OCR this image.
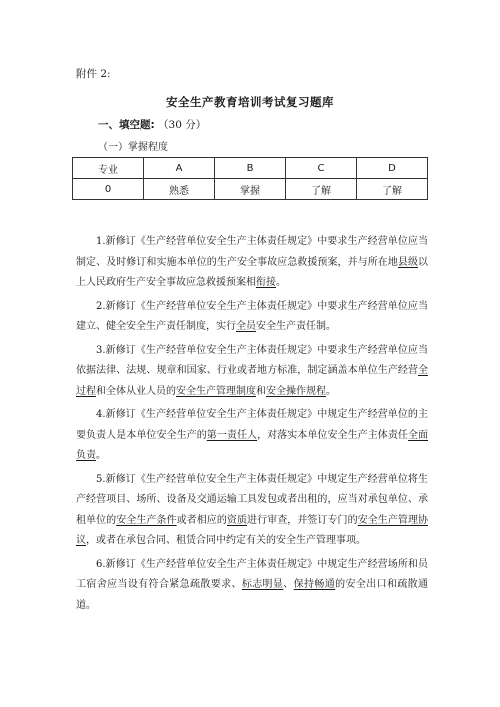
附件 2:
安全生产教育培训考试复习题库
一、填空题: （30 分）
（一）掌握程度
专业	A	B	C	D
0	熟悉	掌握	了解	了解

1.新修订《生产经营单位安全生产主体责任规定》中要求生产经营单位应当制定、及时修订和实施本单位的生产安全事故应急救援预案，并与所在地县级以上人民政府生产安全事故应急救援预案相衔接。

2.新修订《生产经营单位安全生产主体责任规定》中要求生产经营单位应当建立、健全安全生产责任制度，实行全员安全生产责任制。

3.新修订《生产经营单位安全生产主体责任规定》中要求生产经营单位应当依据法律、法规、规章和国家、行业或者地方标准，制定涵盖本单位生产经营全过程和全体从业人员的安全生产管理制度和安全操作规程。

4.新修订《生产经营单位安全生产主体责任规定》中规定生产经营单位的主要负责人是本单位安全生产的第一责任人，对落实本单位安全生产主体责任全面负责。

5.新修订《生产经营单位安全生产主体责任规定》中规定生产经营单位将生产经营项目、场所、设备及交通运输工具发包或者出租的，应当对承包单位、承租单位的安全生产条件或者相应的资质进行审查，并签订专门的安全生产管理协议，或者在承包合同、租赁合同中约定有关的安全生产管理事项。

6.新修订《生产经营单位安全生产主体责任规定》中规定生产经营场所和员工宿舍应当设有符合紧急疏散要求、标志明显、保持畅通的安全出口和疏散通道。
